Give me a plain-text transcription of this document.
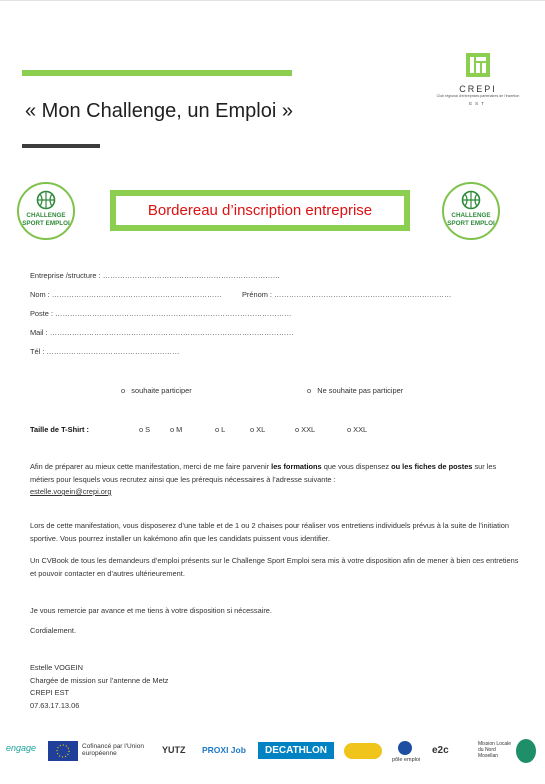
« Mon Challenge, un Emploi »
CREPI
Club régional d'entreprises partenaires de l'insertion
EST
CHALLENGE
SPORT EMPLOI
Bordereau d’inscription entreprise	CHALLENGE
SPORT EMPLOI
Entreprise /structure : ………………………………………………………………
Nom : ……………………………………………………………	Prénom : ………………………………………………………………
Poste : ……………………………………………………………………………………
Mail : ………………………………………………………………………………………
Tél : ………………………………………………
o souhaite participer	o Ne souhaite pas participer
Taille de T-Shirt :	o S	o M	o L	o XL	o XXL	o XXL
Afin de préparer au mieux cette manifestation, merci de me faire parvenir les formations que vous dispensez ou les fiches de postes sur les métiers pour lesquels vous recrutez ainsi que les prérequis nécessaires à l’adresse suivante :
estelle.vogein@crepi.org
Lors de cette manifestation, vous disposerez d’une table et de 1 ou 2 chaises pour réaliser vos entretiens individuels prévus à la suite de l’initiation sportive. Vous pourrez installer un kakémono afin que les candidats puissent vous identifier.
Un CVBook de tous les demandeurs d’emploi présents sur le Challenge Sport Emploi sera mis à votre disposition afin de mener à bien ces entretiens et pouvoir contacter en d’autres ultérieurement.
Je vous remercie par avance et me tiens à votre disposition si nécessaire.
Cordialement.
Estelle VOGEIN
Chargée de mission sur l’antenne de Metz
CREPI EST
07.63.17.13.06
engage	Cofinancé par l'Union européenne	YUTZ PROXI Job	DECATHLON
pôle emploi
e2c
Mission Locale du Nord Mosellan
